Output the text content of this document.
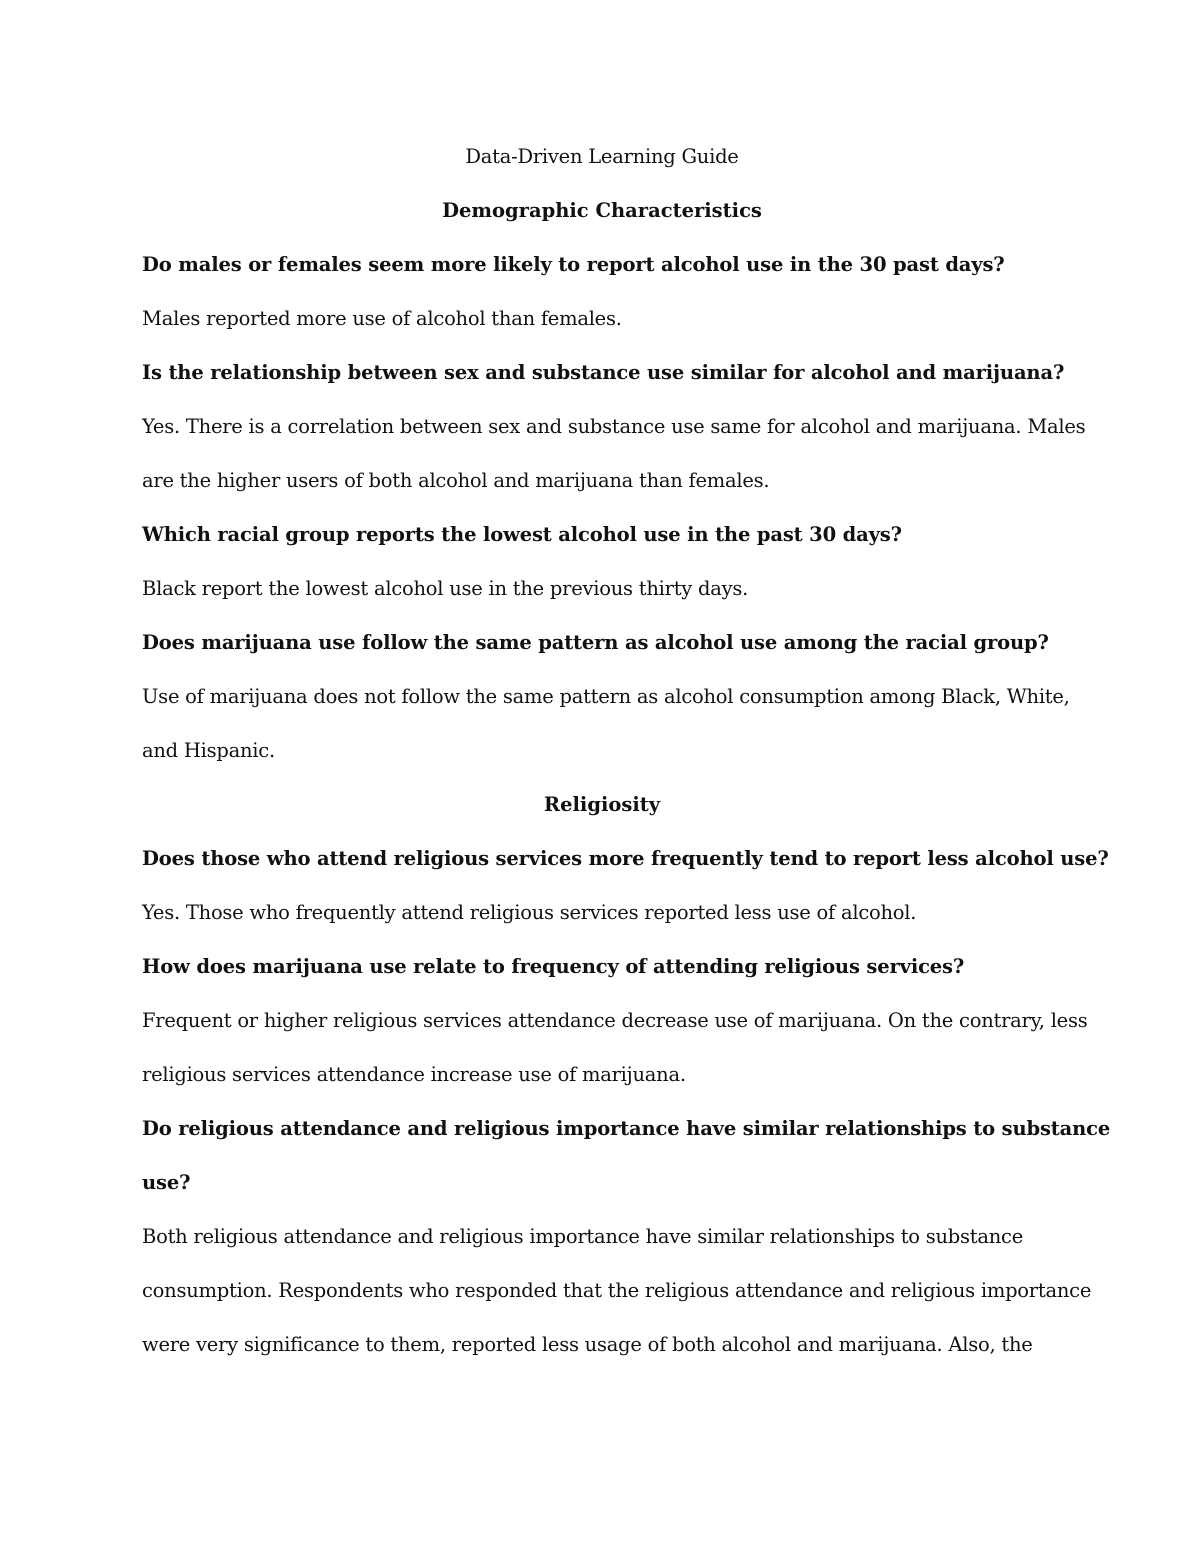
Data-Driven Learning Guide
Demographic Characteristics
Do males or females seem more likely to report alcohol use in the 30 past days?
Males reported more use of alcohol than females.
Is the relationship between sex and substance use similar for alcohol and marijuana?
Yes. There is a correlation between sex and substance use same for alcohol and marijuana. Males
are the higher users of both alcohol and marijuana than females.
Which racial group reports the lowest alcohol use in the past 30 days?
Black report the lowest alcohol use in the previous thirty days.
Does marijuana use follow the same pattern as alcohol use among the racial group?
Use of marijuana does not follow the same pattern as alcohol consumption among Black, White,
and Hispanic.
Religiosity
Does those who attend religious services more frequently tend to report less alcohol use?
Yes. Those who frequently attend religious services reported less use of alcohol.
How does marijuana use relate to frequency of attending religious services?
Frequent or higher religious services attendance decrease use of marijuana. On the contrary, less
religious services attendance increase use of marijuana.
Do religious attendance and religious importance have similar relationships to substance
use?
Both religious attendance and religious importance have similar relationships to substance
consumption. Respondents who responded that the religious attendance and religious importance
were very significance to them, reported less usage of both alcohol and marijuana. Also, the
